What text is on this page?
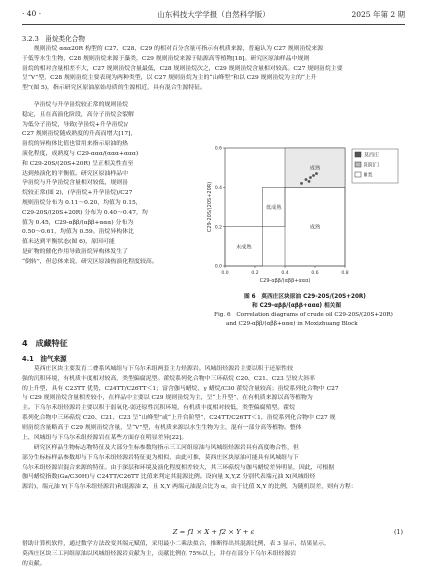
· 40 ·	山东科技大学学报（自然科学版）	2025 年第 2 期
3.2.3　甾烷类化合物
　　规则甾烷 ααα20R 构型的 C27、C28、C29 的相对百分含量可指示有机质来源，普遍认为 C27 规则甾烷来源
于低等水生生物，C28 规则甾烷来源于藻类，C29 规则甾烷来源于陆源高等植物[18]。研究区原油样品中规则
甾烷的相对含量相差不大，C27 规则甾烷含量最低，C28 规则甾烷次之，C29 规则甾烷含量相对较高。C27 规则甾烷主要
呈“V”型，C28 规则甾烷主要表现为两种类型，以 C27 规则甾烷为主的“山峰型”和以 C29 规则甾烷为主的“上升
型”(图 5)，指示研究区原油原始母质的生源相近，具有混合生源特征。
　　孕甾烷与升孕甾烷较正常的规则甾烷
稳定，且在高演化阶段，高分子甾烷会裂解
为低分子甾烷，导致(孕甾烷+升孕甾烷)/
C27 规则甾烷随成熟度的升高而增大[17]，
甾烷的异构体比值也常用来指示原油的热
演化程度，成熟度与 C29-ααα/(ααα+ααα)
和 C29-20S/(20S+20R) 呈正相关性直至
达到热演化的平衡值。研究区原油样品中
孕甾烷与升孕甾烷含量相对较低，规则甾
烷较正常(图 2)，(孕甾烷+升孕甾烷)/C27
规则甾烷分布为 0.11～0.20，均值为 0.15，
C29-20S/(20S+20R) 分布为 0.40～0.47，均
值为 0.45，C29-αββ/(αββ+ααα) 分布为
0.50～0.61，均值为 0.59。甾烷异构体比
值未达到平衡状态(图 6)，原因可能
是矿物的催化作用导致甾烷异构体发生了
“倒转”，但总体来说，研究区原油热演化程度较高。
成熟
低成熟
未成熟
成熟
0.0	0.2	0.4	0.6	0.8
0.0
0.2
0.4
0.6
C29-αββ/(αββ+ααα)
C29-20S/(20S+20R)
莫西庄
阳阳门
Ⅲ类
图 6　莫西庄区块原油 C29-20S/(20S+20R)
和 C29-αββ/(αββ+ααα) 相关图
Fig. 6　Correlation diagrams of crude oil C29-20S/(20S+20R)
and C29-αββ/(αββ+ααα) in Moxizhuang Block
4　成藏特征
4.1　油气来源
　　莫西庄区块主要发育二叠系风城组与下乌尔禾组两套主力烃源岩。风城组烃源岩主要以积于还原性较
强的沉积环境，有机质丰度相对较高，类型偏腐泥型。藿烷系列化合物中三环萜烷 C20、C21、C23 呈较大斜率
的上升型，具有 C23TT 优势，C24TT/C26TT＜1；富含伽马蜡烷，γ 蜡烷/C30 藿烷含量较高；甾烷系列化合物中 C27
与 C29 规则甾烷含量相差较小，在样品中主要以 C29 规则甾烷为主，呈“上升型”，在有机质来源以高等植物为
主。下乌尔禾组烃源岩主要以积于弱氧化-弱还原性沉积环境，有机质丰度相对较低，类型偏腐殖型。藿烷
系列化合物中三环萜烷 C20、C21、C23 呈“山峰型”或“上升台阶型”，C24TT/C26TT＜1，甾烷系列化合物中 C27 规
则甾烷含量略高于 C29 规则甾烷含量，呈“V”型，有机质来源以水生生物为主，混有一部分高等植物。整体
上，风城组与下乌尔禾组烃源岩在某些方面存在明显差异[22]。
　　研究区样品生物标志物特征及大部分生标参数均指示三工河组原油与风城组烃源岩具有高度吻合性，但
部分生标标样品参数却与下乌尔禾组烃源岩特征更为相似，由此可推，莫西庄区块原油可能具有风城组与下
乌尔禾组烃源岩混合来源的特征。由于深层和环境及演化程度相差较大，其三环萜烷与伽马蜡烷差异明显，因此，可根据
伽马蜡烷指数(Ga/C30H)与 C24TT/C26TT 比值来判定其混源比例。设向量 X,Y,Z 分别代表端元油 X(风城组烃
源岩)，端元油 Y(下乌尔禾组烃源岩)和混源油 Z，且 X,Y 两端元油混合比为 α，由于比值 X,Y 的比例，为随机误差，则有方程：
Z = f1 × X + f2 × Y + ε	(1)
借助计算机软件，通过数学方法改变其端元赋值，采用最小二乘法拟合，推断得出其混源比例，表 3 显示，结果显示，
莫西庄区块三工河组原油以风城组烃源岩贡献为主，贡献比例在 75%以上，并存在部分下乌尔禾组烃源岩
的贡献。
